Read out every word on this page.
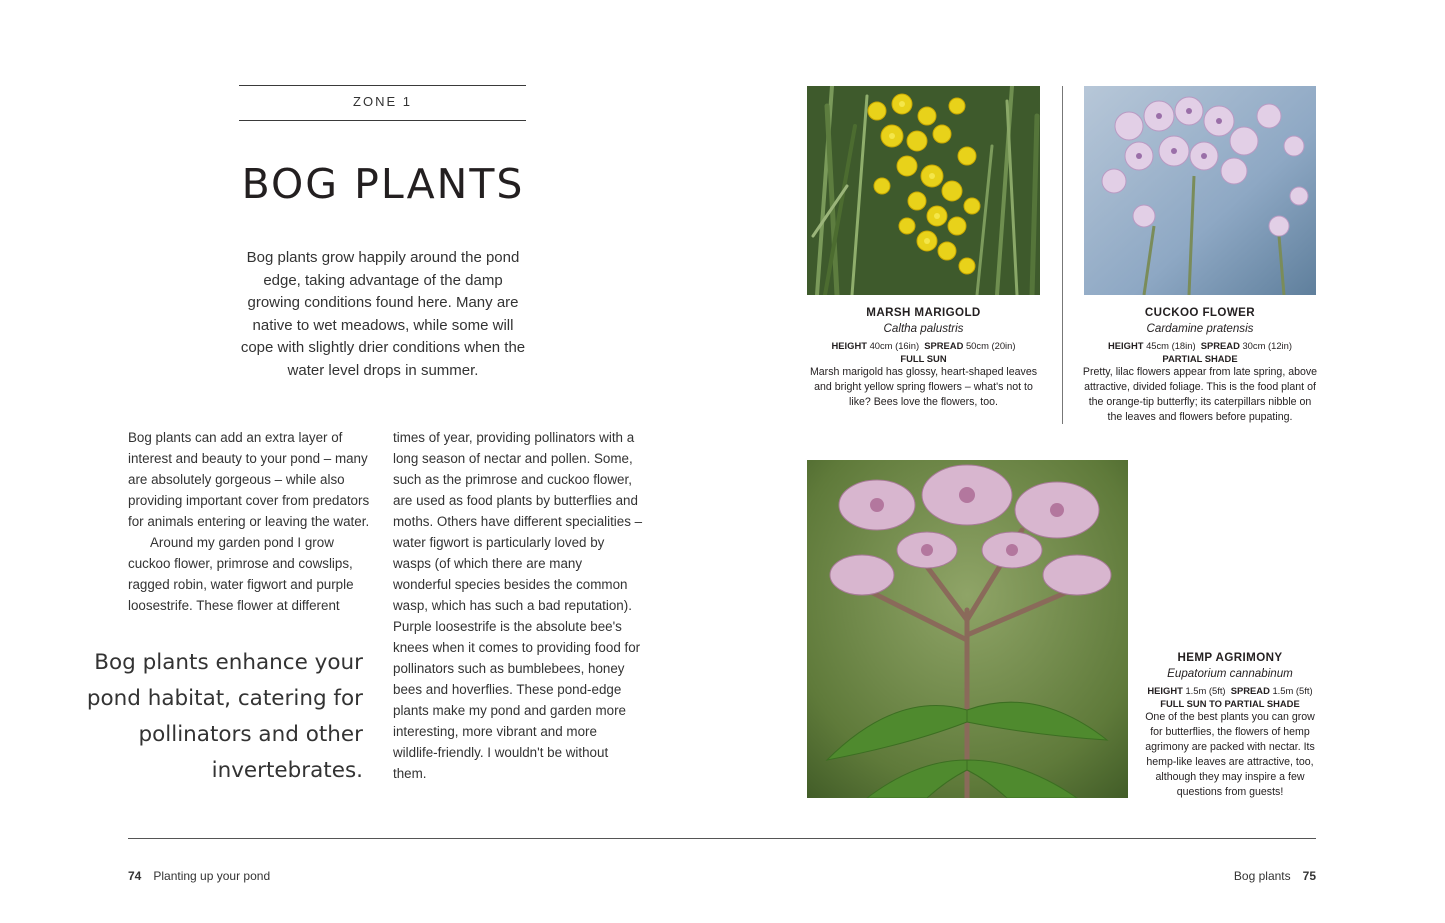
ZONE 1
BOG PLANTS
Bog plants grow happily around the pond edge, taking advantage of the damp growing conditions found here. Many are native to wet meadows, while some will cope with slightly drier conditions when the water level drops in summer.

Bog plants can add an extra layer of interest and beauty to your pond – many are absolutely gorgeous – while also providing important cover from predators for animals entering or leaving the water.

Around my garden pond I grow cuckoo flower, primrose and cowslips, ragged robin, water figwort and purple loosestrife. These flower at different

times of year, providing pollinators with a long season of nectar and pollen. Some, such as the primrose and cuckoo flower, are used as food plants by butterflies and moths. Others have different specialities – water figwort is particularly loved by wasps (of which there are many wonderful species besides the common wasp, which has such a bad reputation). Purple loosestrife is the absolute bee's knees when it comes to providing food for pollinators such as bumblebees, honey bees and hoverflies. These pond-edge plants make my pond and garden more interesting, more vibrant and more wildlife-friendly. I wouldn't be without them.

Bog plants enhance your pond habitat, catering for pollinators and other invertebrates.
MARSH MARIGOLD
Caltha palustris
HEIGHT 40cm (16in) SPREAD 50cm (20in)
FULL SUN
Marsh marigold has glossy, heart-shaped leaves and bright yellow spring flowers – what's not to like? Bees love the flowers, too.
CUCKOO FLOWER
Cardamine pratensis
HEIGHT 45cm (18in) SPREAD 30cm (12in)
PARTIAL SHADE
Pretty, lilac flowers appear from late spring, above attractive, divided foliage. This is the food plant of the orange-tip butterfly; its caterpillars nibble on the leaves and flowers before pupating.
HEMP AGRIMONY
Eupatorium cannabinum
HEIGHT 1.5m (5ft) SPREAD 1.5m (5ft)
FULL SUN TO PARTIAL SHADE
One of the best plants you can grow for butterflies, the flowers of hemp agrimony are packed with nectar. Its hemp-like leaves are attractive, too, although they may inspire a few questions from guests!
74 Planting up your pond	Bog plants 75
